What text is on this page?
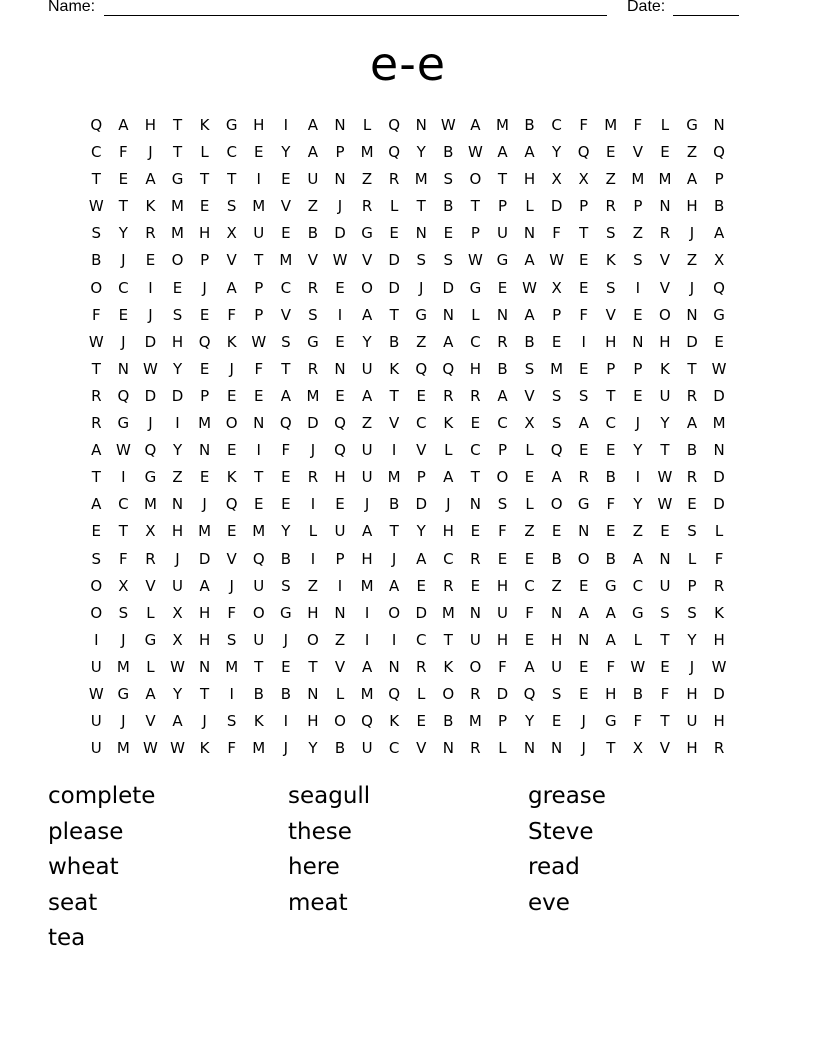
Name:	Date:
e-e
Q	A	H	T	K	G	H	I	A	N	L	Q	N W A M B	C	F	M	F	L	G	N
C	F	J	T	L	C	E	Y	A	P	M Q	Y	B W A	A	Y	Q	E	V	E	Z	Q
T	E	A	G	T	T	I	E	U	N	Z	R M	S	O	T	H	X	X	Z M M A	P
W T	K	M	E	S	M V	Z	J	R	L	T	B	T	P	L	D	P	R	P	N	H	B
S	Y	R M H	X	U	E	B	D G	E	N	E	P	U	N	F	T	S	Z	R	J	A
B	J	E	O	P	V	T	M V W V	D	S	S W G	A W E	K	S	V	Z	X
O	C	I	E	J	A	P	C	R	E	O D	J	D G	E W X	E	S	I	V	J	Q
F	E	J	S	E	F	P	V	S	I	A	T	G	N	L	N	A	P	F	V	E	O	N	G
W	J	D	H	Q	K W S	G	E	Y	B	Z	A	C	R	B	E	I	H	N	H	D	E
T	N W Y	E	J	F	T	R	N	U	K	Q Q	H	B	S	M	E	P	P	K	T W
R	Q D	D	P	E	E	A M	E	A	T	E	R	R	A	V	S	S	T	E	U	R	D
R	G	J	I	M O	N	Q D Q	Z	V	C	K	E	C	X	S	A	C	J	Y	A M
A W Q	Y	N	E	I	F	J	Q	U	I	V	L	C	P	L	Q	E	E	Y	T	B	N
T	I	G	Z	E	K	T	E	R	H	U M	P	A	T	O	E	A	R	B	I	W R	D
A	C M N	J	Q	E	E	I	E	J	B	D	J	N	S	L	O G	F	Y W E	D
E	T	X	H M	E	M	Y	L	U	A	T	Y	H	E	F	Z	E	N	E	Z	E	S	L
S	F	R	J	D	V	Q	B	I	P	H	J	A	C	R	E	E	B	O	B	A	N	L	F
O	X	V	U	A	J	U	S	Z	I	M A	E	R	E	H	C	Z	E	G	C	U	P	R
O	S	L	X	H	F	O G	H	N	I	O D M N	U	F	N	A	A	G	S	S	K
I	J	G	X	H	S	U	J	O	Z	I	I	C	T	U	H	E	H	N	A	L	T	Y	H
U M	L W N M	T	E	T	V	A	N	R	K	O	F	A	U	E	F W E	J	W
W G	A	Y	T	I	B	B	N	L	M Q	L	O	R	D Q	S	E	H	B	F	H	D
U	J	V	A	J	S	K	I	H	O Q	K	E	B M	P	Y	E	J	G	F	T	U	H
U M W W K	F	M	J	Y	B	U	C	V	N	R	L	N	N	J	T	X	V	H	R
complete	seagull	grease
please	these	Steve
wheat	here	read
seat	meat	eve
tea
